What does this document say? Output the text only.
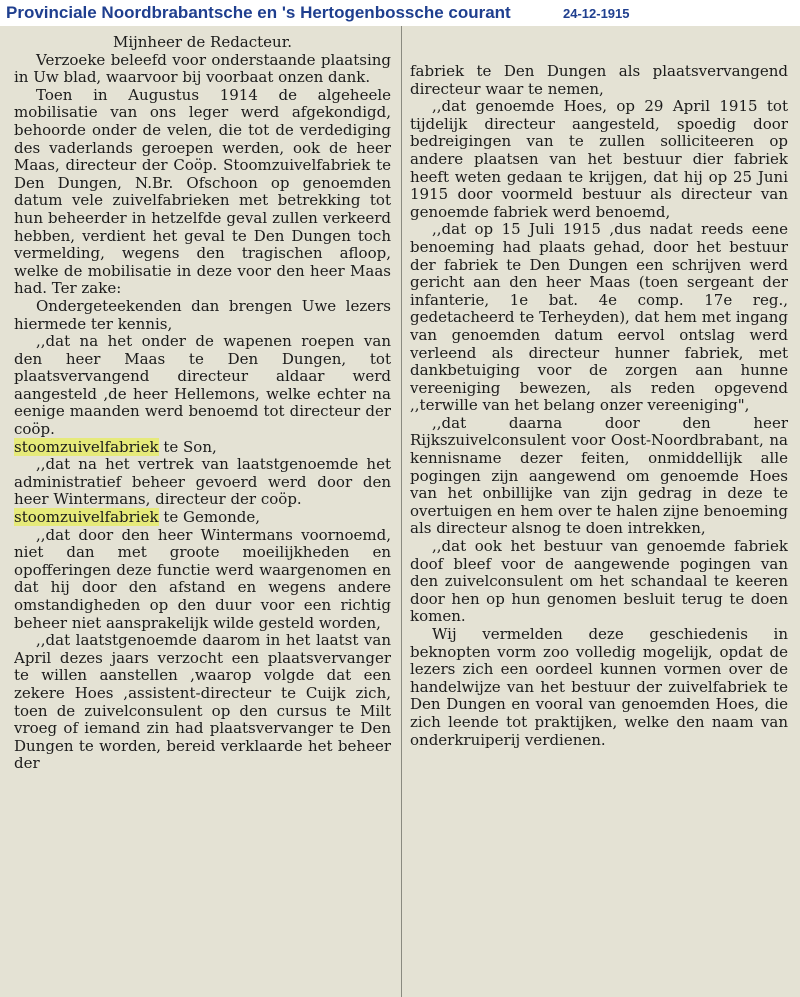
Provinciale Noordbrabantsche en 's Hertogenbossche courant	24-12-1915

Mijnheer de Redacteur.

Verzoeke beleefd voor onderstaande plaatsing in Uw blad, waarvoor bij voorbaat onzen dank.

Toen in Augustus 1914 de algeheele mobilisatie van ons leger werd afgekondigd, behoorde onder de velen, die tot de verdediging des vaderlands geroepen werden, ook de heer Maas, directeur der Coöp. Stoomzuivelfabriek te Den Dungen, N.Br. Ofschoon op genoemden datum vele zuivelfabrieken met betrekking tot hun beheerder in hetzelfde geval zullen verkeerd hebben, verdient het geval te Den Dungen toch vermelding, wegens den tragischen afloop, welke de mobilisatie in deze voor den heer Maas had. Ter zake:

Ondergeteekenden dan brengen Uwe lezers hiermede ter kennis,

,,dat na het onder de wapenen roepen van den heer Maas te Den Dungen, tot plaatsvervangend directeur aldaar werd aangesteld ,de heer Hellemons, welke echter na eenige maanden werd benoemd tot directeur der coöp.

stoomzuivelfabriek te Son,

,,dat na het vertrek van laatstgenoemde het administratief beheer gevoerd werd door den heer Wintermans, directeur der coöp.

stoomzuivelfabriek te Gemonde,

,,dat door den heer Wintermans voornoemd, niet dan met groote moeilijkheden en opofferingen deze functie werd waargenomen en dat hij door den afstand en wegens andere omstandigheden op den duur voor een richtig beheer niet aansprakelijk wilde gesteld worden,

,,dat laatstgenoemde daarom in het laatst van April dezes jaars verzocht een plaatsvervanger te willen aanstellen ,waarop volgde dat een zekere Hoes ,assistent-directeur te Cuijk zich, toen de zuivelconsulent op den cursus te Milt vroeg of iemand zin had plaatsvervanger te Den Dungen te worden, bereid verklaarde het beheer der

fabriek te Den Dungen als plaatsvervangend directeur waar te nemen,

,,dat genoemde Hoes, op 29 April 1915 tot tijdelijk directeur aangesteld, spoedig door bedreigingen van te zullen solliciteeren op andere plaatsen van het bestuur dier fabriek heeft weten gedaan te krijgen, dat hij op 25 Juni 1915 door voormeld bestuur als directeur van genoemde fabriek werd benoemd,

,,dat op 15 Juli 1915 ,dus nadat reeds eene benoeming had plaats gehad, door het bestuur der fabriek te Den Dungen een schrijven werd gericht aan den heer Maas (toen sergeant der infanterie, 1e bat. 4e comp. 17e reg., gedetacheerd te Terheyden), dat hem met ingang van genoemden datum eervol ontslag werd verleend als directeur hunner fabriek, met dankbetuiging voor de zorgen aan hunne vereeniging bewezen, als reden opgevend ,,terwille van het belang onzer vereeniging",

,,dat daarna door den heer Rijkszuivelconsulent voor Oost-Noordbrabant, na kennisname dezer feiten, onmiddellijk alle pogingen zijn aangewend om genoemde Hoes van het onbillijke van zijn gedrag in deze te overtuigen en hem over te halen zijne benoeming als directeur alsnog te doen intrekken,

,,dat ook het bestuur van genoemde fabriek doof bleef voor de aangewende pogingen van den zuivelconsulent om het schandaal te keeren door hen op hun genomen besluit terug te doen komen.

Wij vermelden deze geschiedenis in beknopten vorm zoo volledig mogelijk, opdat de lezers zich een oordeel kunnen vormen over de handelwijze van het bestuur der zuivelfabriek te Den Dungen en vooral van genoemden Hoes, die zich leende tot praktijken, welke den naam van onderkruiperij verdienen.
